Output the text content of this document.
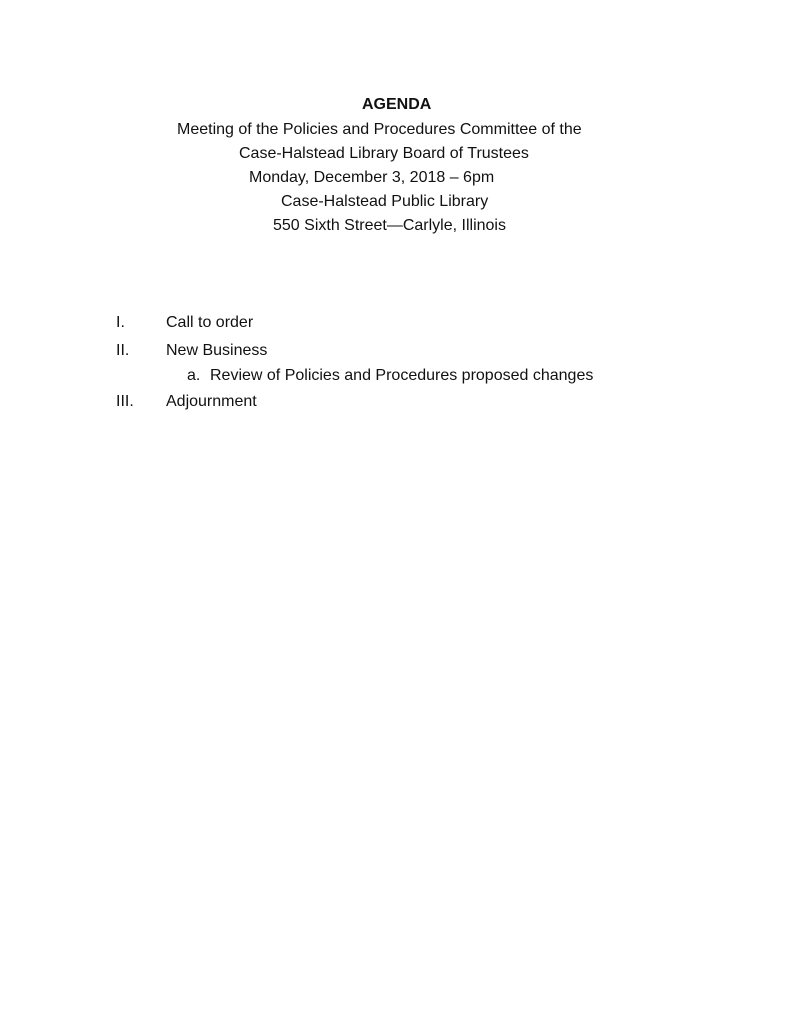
AGENDA
Meeting of the Policies and Procedures Committee of the
Case-Halstead Library Board of Trustees
Monday, December 3, 2018 – 6pm
Case-Halstead Public Library
550 Sixth Street—Carlyle, Illinois
I.	Call to order
II. New Business
a. Review of Policies and Procedures proposed changes
III. Adjournment
